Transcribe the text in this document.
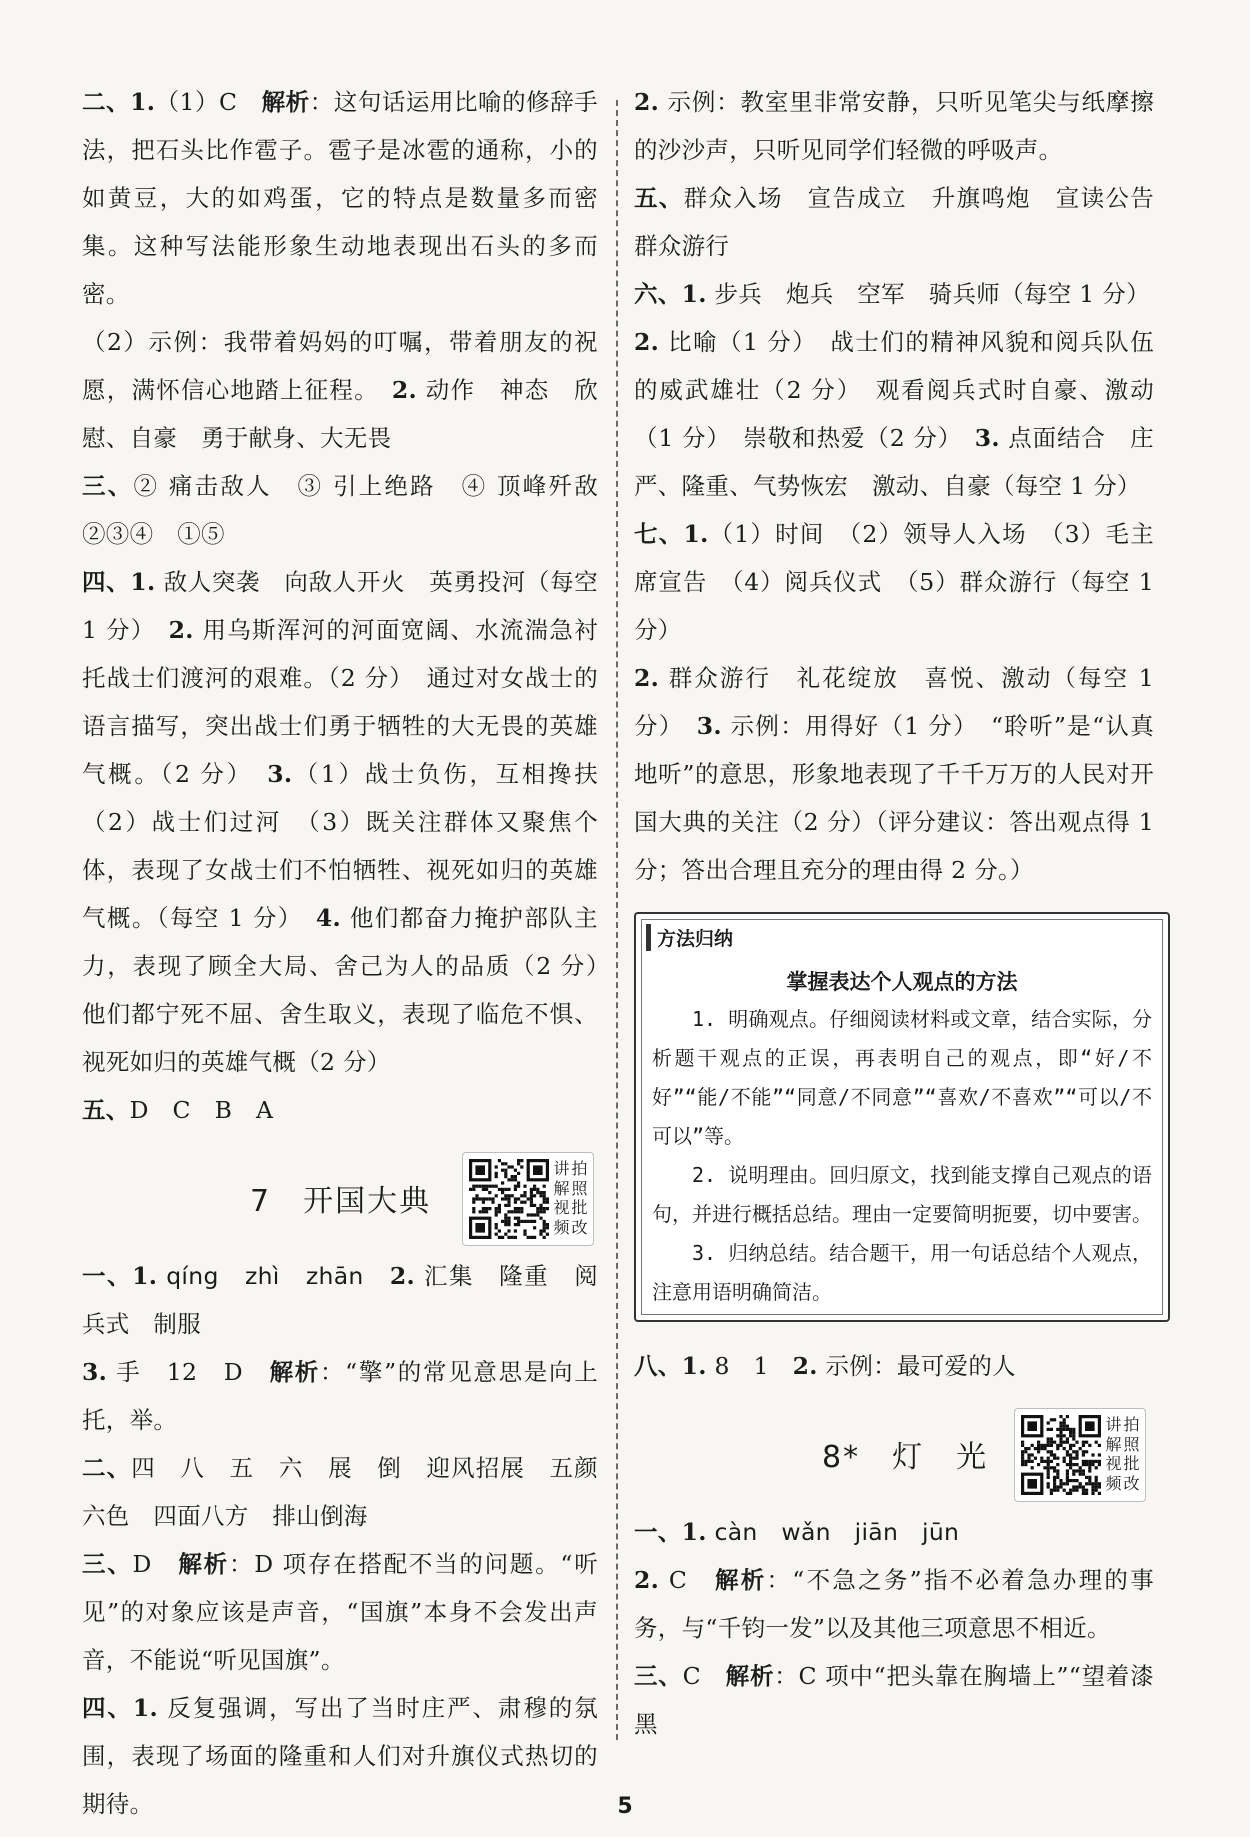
二、1.（1）C　解析：这句话运用比喻的修辞手法，把石头比作雹子。雹子是冰雹的通称，小的如黄豆，大的如鸡蛋，它的特点是数量多而密集。这种写法能形象生动地表现出石头的多而密。

（2）示例：我带着妈妈的叮嘱，带着朋友的祝愿，满怀信心地踏上征程。　2. 动作　神态　欣慰、自豪　勇于献身、大无畏

三、② 痛击敌人　③ 引上绝路　④ 顶峰歼敌　②③④　①⑤

四、1. 敌人突袭　向敌人开火　英勇投河（每空 1 分）　2. 用乌斯浑河的河面宽阔、水流湍急衬托战士们渡河的艰难。（2 分）　通过对女战士的语言描写，突出战士们勇于牺牲的大无畏的英雄气概。（2 分）　3.（1）战士负伤，互相搀扶　（2）战士们过河　（3）既关注群体又聚焦个体，表现了女战士们不怕牺牲、视死如归的英雄气概。（每空 1 分）　4. 他们都奋力掩护部队主力，表现了顾全大局、舍己为人的品质（2 分）　他们都宁死不屈、舍生取义，表现了临危不惧、视死如归的英雄气概（2 分）

五、D　C　B　A

7　 开国大典
讲 拍
解 照
视 批
频 改

一、1. qíng　zhì　zhān　 2. 汇集　隆重　阅兵式　制服

3. 手　12　D　解析：“擎”的常见意思是向上托，举。

二、四　八　五　六　展　倒　迎风招展　五颜六色　四面八方　排山倒海

三、D　解析：D 项存在搭配不当的问题。“听见”的对象应该是声音，“国旗”本身不会发出声音，不能说“听见国旗”。

四、1. 反复强调，写出了当时庄严、肃穆的氛围，表现了场面的隆重和人们对升旗仪式热切的期待。

2. 示例：教室里非常安静，只听见笔尖与纸摩擦的沙沙声，只听见同学们轻微的呼吸声。

五、群众入场　宣告成立　升旗鸣炮　宣读公告　群众游行

六、1. 步兵　炮兵　空军　骑兵师（每空 1 分）

2. 比喻（1 分）　战士们的精神风貌和阅兵队伍的威武雄壮（2 分）　观看阅兵式时自豪、激动（1 分）　崇敬和热爱（2 分）　3. 点面结合　庄严、隆重、气势恢宏　激动、自豪（每空 1 分）

七、1.（1）时间　（2）领导人入场　（3）毛主席宣告　（4）阅兵仪式　（5）群众游行（每空 1 分）

2. 群众游行　礼花绽放　喜悦、激动（每空 1 分）　3. 示例：用得好（1 分）　“聆听”是“认真地听”的意思，形象地表现了千千万万的人民对开国大典的关注（2 分）（评分建议：答出观点得 1 分；答出合理且充分的理由得 2 分。）

方法归纳
掌握表达个人观点的方法

1. 明确观点。仔细阅读材料或文章，结合实际，分析题干观点的正误，再表明自己的观点，即“好/不好”“能/不能”“同意/不同意”“喜欢/不喜欢”“可以/不可以”等。

2. 说明理由。回归原文，找到能支撑自己观点的语句，并进行概括总结。理由一定要简明扼要，切中要害。

3. 归纳总结。结合题干，用一句话总结个人观点，注意用语明确简洁。

八、1. 8　1　2. 示例：最可爱的人

8*　 灯　光
讲 拍
解 照
视 批
频 改

一、1. càn　wǎn　jiān　jūn

2. C　解析：“不急之务”指不必着急办理的事务，与“千钧一发”以及其他三项意思不相近。

三、C　解析：C 项中“把头靠在胸墙上”“望着漆黑

5
